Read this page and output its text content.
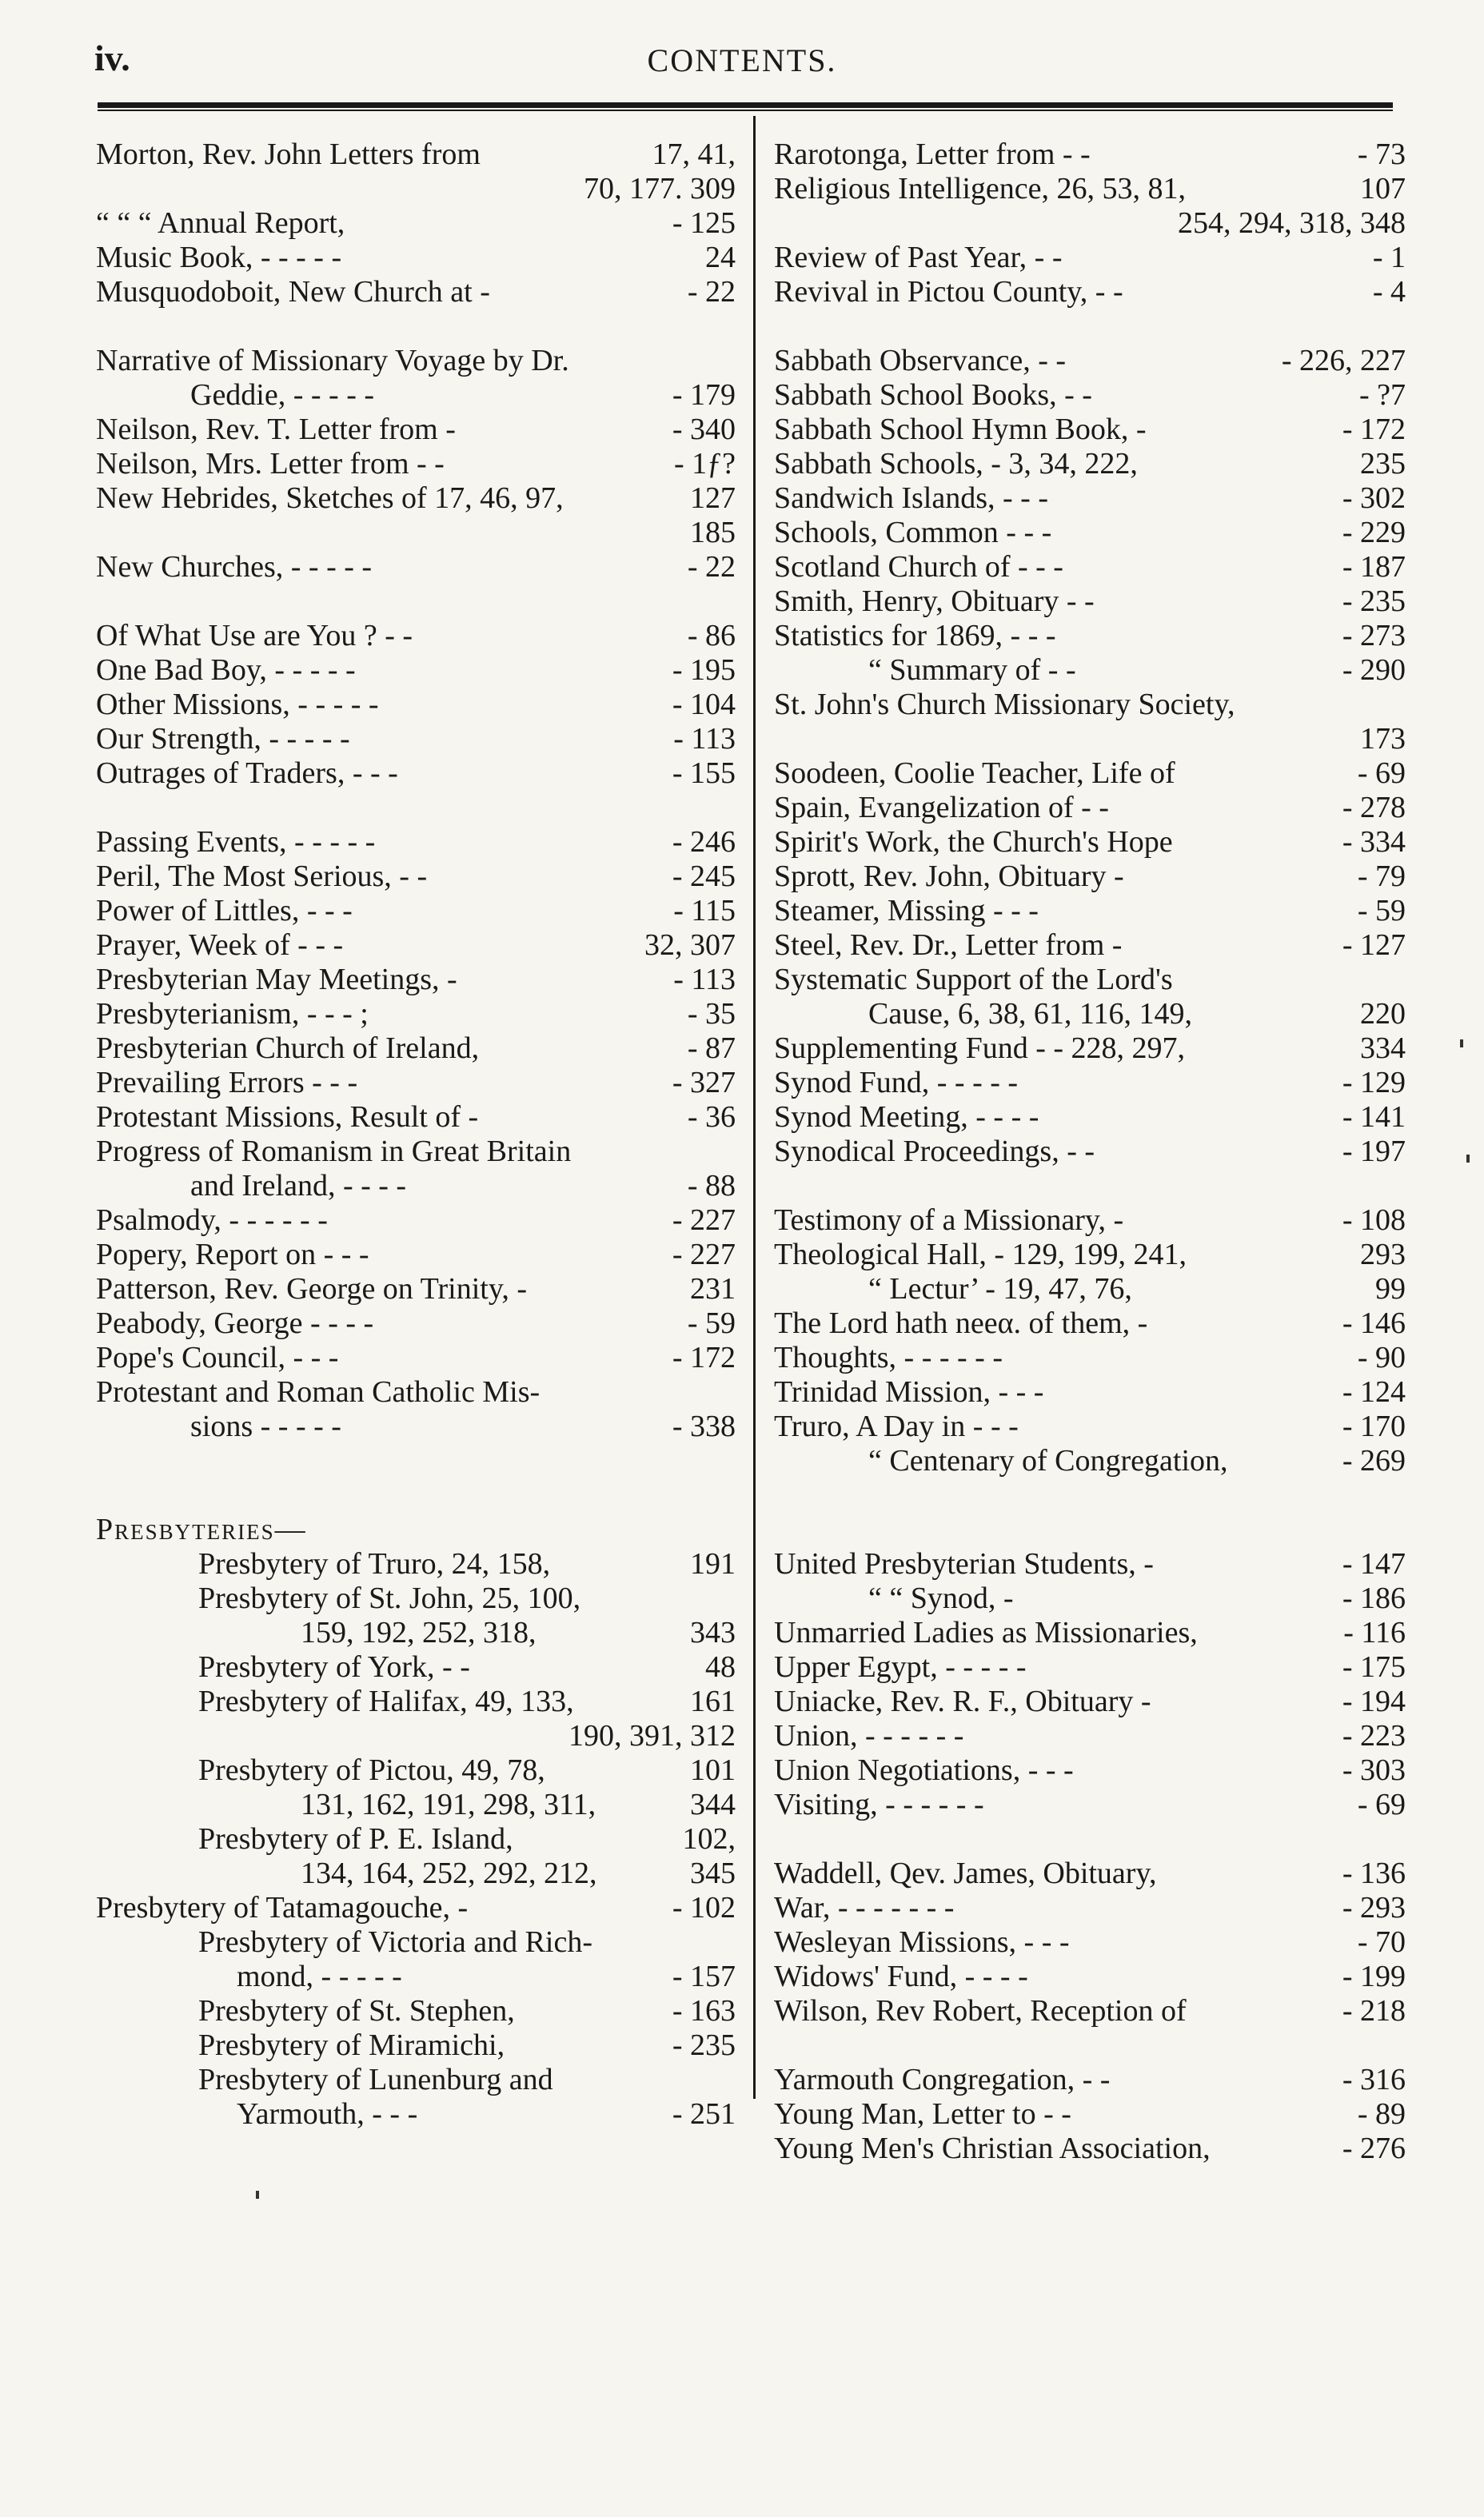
iv.	CONTENTS.
Morton, Rev. John Letters from	17, 41,
70, 177. 309
“ “ “ Annual Report,	- 125
Music Book, - - - - -	24
Musquodoboit, New Church at -	- 22
Narrative of Missionary Voyage by Dr.
Geddie, - - - - -	- 179
Neilson, Rev. T. Letter from -	- 340
Neilson, Mrs. Letter from - -	- 1ƒ?
New Hebrides, Sketches of 17, 46, 97,	127
185
New Churches, - - - - -	- 22
Of What Use are You ? - -	- 86
One Bad Boy, - - - - -	- 195
Other Missions, - - - - -	- 104
Our Strength, - - - - -	- 113
Outrages of Traders, - - -	- 155
Passing Events, - - - - -	- 246
Peril, The Most Serious, - -	- 245
Power of Littles, - - -	- 115
Prayer, Week of - - -	32, 307
Presbyterian May Meetings, -	- 113
Presbyterianism, - - - ;	- 35
Presbyterian Church of Ireland,	- 87
Prevailing Errors - - -	- 327
Protestant Missions, Result of -	- 36
Progress of Romanism in Great Britain
and Ireland, - - - -	- 88
Psalmody, - - - - - -	- 227
Popery, Report on - - -	- 227
Patterson, Rev. George on Trinity, -	231
Peabody, George - - - -	- 59
Pope's Council, - - -	- 172
Protestant and Roman Catholic Mis-
sions - - - - -	- 338
Presbyteries—
Presbytery of Truro, 24, 158,	191
Presbytery of St. John, 25, 100,
159, 192, 252, 318,	343
Presbytery of York, - -	48
Presbytery of Halifax, 49, 133,	161
190, 391, 312
Presbytery of Pictou, 49, 78,	101
131, 162, 191, 298, 311,	344
Presbytery of P. E. Island,	102,
134, 164, 252, 292, 212,	345
Presbytery of Tatamagouche, -	- 102
Presbytery of Victoria and Rich-
mond, - - - - -	- 157
Presbytery of St. Stephen,	- 163
Presbytery of Miramichi,	- 235
Presbytery of Lunenburg and
Yarmouth, - - -	- 251
Rarotonga, Letter from - -	- 73
Religious Intelligence, 26, 53, 81,	107
254, 294, 318, 348
Review of Past Year, - -	- 1
Revival in Pictou County, - -	- 4
Sabbath Observance, - -	- 226, 227
Sabbath School Books, - -	- ?7
Sabbath School Hymn Book, -	- 172
Sabbath Schools, - 3, 34, 222,	235
Sandwich Islands, - - -	- 302
Schools, Common - - -	- 229
Scotland Church of - - -	- 187
Smith, Henry, Obituary - -	- 235
Statistics for 1869, - - -	- 273
“ Summary of - -	- 290
St. John's Church Missionary Society,
173
Soodeen, Coolie Teacher, Life of	- 69
Spain, Evangelization of - -	- 278
Spirit's Work, the Church's Hope	- 334
Sprott, Rev. John, Obituary -	- 79
Steamer, Missing - - -	- 59
Steel, Rev. Dr., Letter from -	- 127
Systematic Support of the Lord's
Cause, 6, 38, 61, 116, 149,	220
Supplementing Fund - - 228, 297,	334
Synod Fund, - - - - -	- 129
Synod Meeting, - - - -	- 141
Synodical Proceedings, - -	- 197
Testimony of a Missionary, -	- 108
Theological Hall, - 129, 199, 241,	293
“ Lectur’ - 19, 47, 76,	99
The Lord hath neeα. of them, -	- 146
Thoughts, - - - - - -	- 90
Trinidad Mission, - - -	- 124
Truro, A Day in - - -	- 170
“ Centenary of Congregation,	- 269
United Presbyterian Students, -	- 147
“ “ Synod, -	- 186
Unmarried Ladies as Missionaries,	- 116
Upper Egypt, - - - - -	- 175
Uniacke, Rev. R. F., Obituary -	- 194
Union, - - - - - -	- 223
Union Negotiations, - - -	- 303
Visiting, - - - - - -	- 69
Waddell, Qev. James, Obituary,	- 136
War, - - - - - - -	- 293
Wesleyan Missions, - - -	- 70
Widows' Fund, - - - -	- 199
Wilson, Rev Robert, Reception of	- 218
Yarmouth Congregation, - -	- 316
Young Man, Letter to - -	- 89
Young Men's Christian Association,	- 276
